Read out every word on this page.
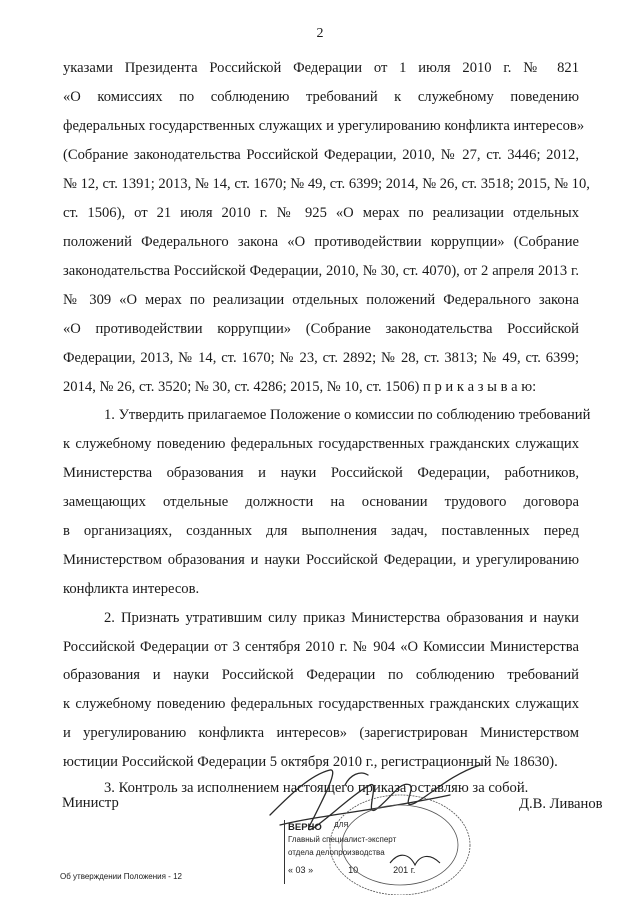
2
указами Президента Российской Федерации от 1 июля 2010 г. № 821
«О комиссиях по соблюдению требований к служебному поведению
федеральных государственных служащих и урегулированию конфликта интересов»
(Собрание законодательства Российской Федерации, 2010, № 27, ст. 3446; 2012,
№ 12, ст. 1391; 2013, № 14, ст. 1670; № 49, ст. 6399; 2014, № 26, ст. 3518; 2015, № 10,
ст. 1506), от 21 июля 2010 г. № 925 «О мерах по реализации отдельных
положений Федерального закона «О противодействии коррупции» (Собрание
законодательства Российской Федерации, 2010, № 30, ст. 4070), от 2 апреля 2013 г.
№ 309 «О мерах по реализации отдельных положений Федерального закона
«О противодействии коррупции» (Собрание законодательства Российской
Федерации, 2013, № 14, ст. 1670; № 23, ст. 2892; № 28, ст. 3813; № 49, ст. 6399;
2014, № 26, ст. 3520; № 30, ст. 4286; 2015, № 10, ст. 1506) п р и к а з ы в а ю:
1. Утвердить прилагаемое Положение о комиссии по соблюдению требований
к служебному поведению федеральных государственных гражданских служащих
Министерства образования и науки Российской Федерации, работников,
замещающих отдельные должности на основании трудового договора
в организациях, созданных для выполнения задач, поставленных перед
Министерством образования и науки Российской Федерации, и урегулированию
конфликта интересов.
2. Признать утратившим силу приказ Министерства образования и науки
Российской Федерации от 3 сентября 2010 г. № 904 «О Комиссии Министерства
образования и науки Российской Федерации по соблюдению требований
к служебному поведению федеральных государственных гражданских служащих
и урегулированию конфликта интересов» (зарегистрирован Министерством
юстиции Российской Федерации 5 октября 2010 г., регистрационный № 18630).
3. Контроль за исполнением настоящего приказа оставляю за собой.
Министр	Д.В. Ливанов
ВЕРНО ДЛЯ
Главный специалист-эксперт
отдела делопроизводства
« 03 »	10	201 г.
Об утверждении Положения - 12
